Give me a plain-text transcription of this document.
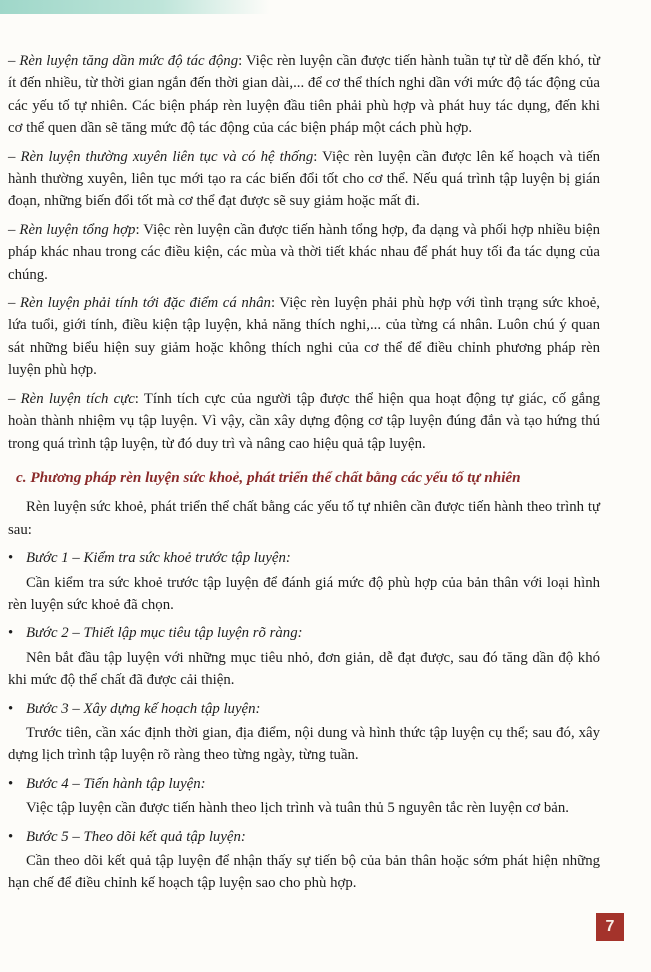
– Rèn luyện tăng dần mức độ tác động: Việc rèn luyện cần được tiến hành tuần tự từ dễ đến khó, từ ít đến nhiều, từ thời gian ngắn đến thời gian dài,... để cơ thể thích nghi dần với mức độ tác động của các yếu tố tự nhiên. Các biện pháp rèn luyện đầu tiên phải phù hợp và phát huy tác dụng, đến khi cơ thể quen dần sẽ tăng mức độ tác động của các biện pháp một cách phù hợp.

– Rèn luyện thường xuyên liên tục và có hệ thống: Việc rèn luyện cần được lên kế hoạch và tiến hành thường xuyên, liên tục mới tạo ra các biến đổi tốt cho cơ thể. Nếu quá trình tập luyện bị gián đoạn, những biến đổi tốt mà cơ thể đạt được sẽ suy giảm hoặc mất đi.

– Rèn luyện tổng hợp: Việc rèn luyện cần được tiến hành tổng hợp, đa dạng và phối hợp nhiều biện pháp khác nhau trong các điều kiện, các mùa và thời tiết khác nhau để phát huy tối đa tác dụng của chúng.

– Rèn luyện phải tính tới đặc điểm cá nhân: Việc rèn luyện phải phù hợp với tình trạng sức khoẻ, lứa tuổi, giới tính, điều kiện tập luyện, khả năng thích nghi,... của từng cá nhân. Luôn chú ý quan sát những biểu hiện suy giảm hoặc không thích nghi của cơ thể để điều chỉnh phương pháp rèn luyện phù hợp.

– Rèn luyện tích cực: Tính tích cực của người tập được thể hiện qua hoạt động tự giác, cố gắng hoàn thành nhiệm vụ tập luyện. Vì vậy, cần xây dựng động cơ tập luyện đúng đắn và tạo hứng thú trong quá trình tập luyện, từ đó duy trì và nâng cao hiệu quả tập luyện.

c. Phương pháp rèn luyện sức khoẻ, phát triển thể chất bằng các yếu tố tự nhiên

Rèn luyện sức khoẻ, phát triển thể chất bằng các yếu tố tự nhiên cần được tiến hành theo trình tự sau:

• Bước 1 – Kiểm tra sức khoẻ trước tập luyện:

Cần kiểm tra sức khoẻ trước tập luyện để đánh giá mức độ phù hợp của bản thân với loại hình rèn luyện sức khoẻ đã chọn.

• Bước 2 – Thiết lập mục tiêu tập luyện rõ ràng:

Nên bắt đầu tập luyện với những mục tiêu nhỏ, đơn giản, dễ đạt được, sau đó tăng dần độ khó khi mức độ thể chất đã được cải thiện.

• Bước 3 – Xây dựng kế hoạch tập luyện:

Trước tiên, cần xác định thời gian, địa điểm, nội dung và hình thức tập luyện cụ thể; sau đó, xây dựng lịch trình tập luyện rõ ràng theo từng ngày, từng tuần.

• Bước 4 – Tiến hành tập luyện:

Việc tập luyện cần được tiến hành theo lịch trình và tuân thủ 5 nguyên tắc rèn luyện cơ bản.

• Bước 5 – Theo dõi kết quả tập luyện:

Cần theo dõi kết quả tập luyện để nhận thấy sự tiến bộ của bản thân hoặc sớm phát hiện những hạn chế để điều chỉnh kế hoạch tập luyện sao cho phù hợp.

7
